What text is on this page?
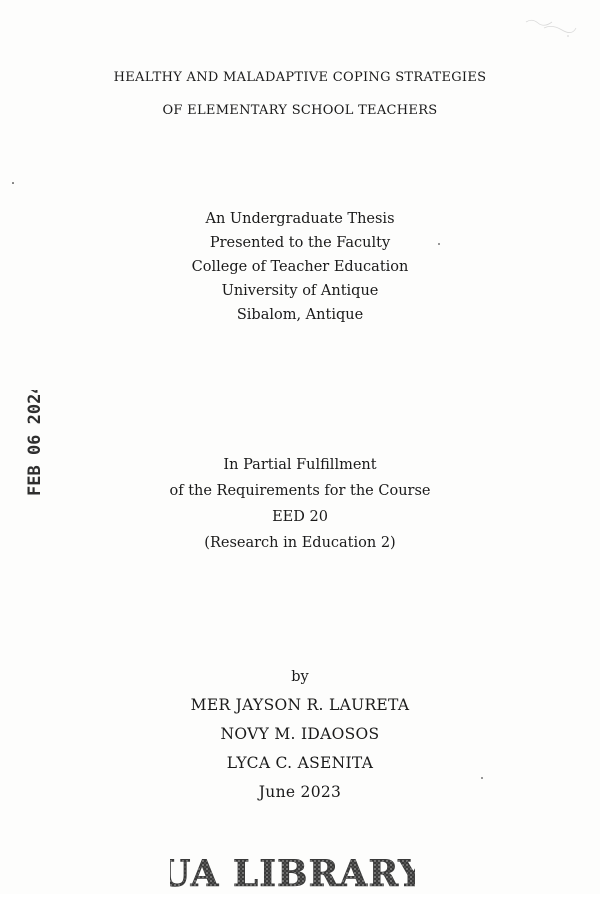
HEALTHY AND MALADAPTIVE COPING STRATEGIES
OF ELEMENTARY SCHOOL TEACHERS
An Undergraduate Thesis
Presented to the Faculty
College of Teacher Education
University of Antique
Sibalom, Antique
In Partial Fulfillment
of the Requirements for the Course
EED 20
(Research in Education 2)
by
MER JAYSON R. LAURETA
NOVY M. IDAOSOS
LYCA C. ASENITA
June 2023
FEB 06 2024
UA LIBRARY
